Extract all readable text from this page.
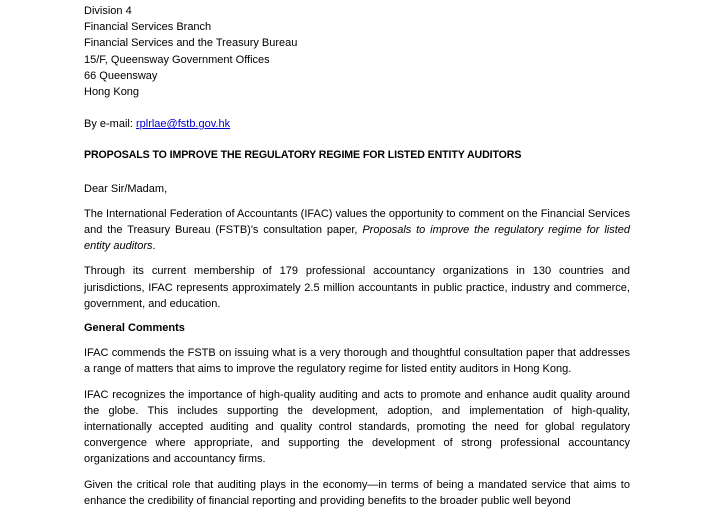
Division 4
Financial Services Branch
Financial Services and the Treasury Bureau
15/F, Queensway Government Offices
66 Queensway
Hong Kong

By e-mail: rplrlae@fstb.gov.hk

PROPOSALS TO IMPROVE THE REGULATORY REGIME FOR LISTED ENTITY AUDITORS

Dear Sir/Madam,

The International Federation of Accountants (IFAC) values the opportunity to comment on the Financial Services and the Treasury Bureau (FSTB)'s consultation paper, Proposals to improve the regulatory regime for listed entity auditors.

Through its current membership of 179 professional accountancy organizations in 130 countries and jurisdictions, IFAC represents approximately 2.5 million accountants in public practice, industry and commerce, government, and education.

General Comments

IFAC commends the FSTB on issuing what is a very thorough and thoughtful consultation paper that addresses a range of matters that aims to improve the regulatory regime for listed entity auditors in Hong Kong.

IFAC recognizes the importance of high-quality auditing and acts to promote and enhance audit quality around the globe. This includes supporting the development, adoption, and implementation of high-quality, internationally accepted auditing and quality control standards, promoting the need for global regulatory convergence where appropriate, and supporting the development of strong professional accountancy organizations and accountancy firms.

Given the critical role that auditing plays in the economy—in terms of being a mandated service that aims to enhance the credibility of financial reporting and providing benefits to the broader public well beyond
